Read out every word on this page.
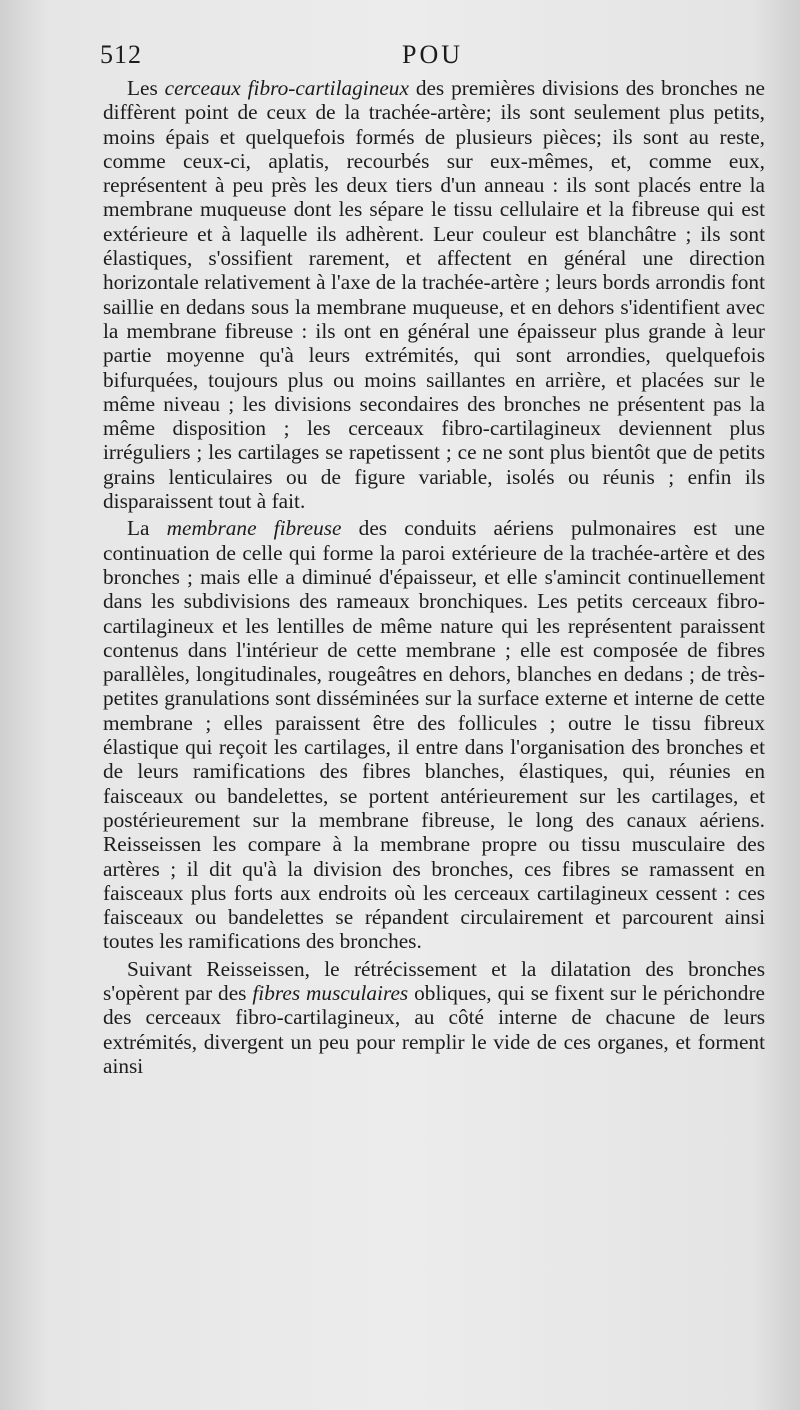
512	POU

Les cerceaux fibro-cartilagineux des premières divisions des bronches ne diffèrent point de ceux de la trachée-artère; ils sont seulement plus petits, moins épais et quelquefois formés de plusieurs pièces; ils sont au reste, comme ceux-ci, aplatis, recourbés sur eux-mêmes, et, comme eux, représentent à peu près les deux tiers d'un anneau : ils sont placés entre la membrane muqueuse dont les sépare le tissu cellulaire et la fibreuse qui est extérieure et à laquelle ils adhèrent. Leur couleur est blanchâtre ; ils sont élastiques, s'ossifient rarement, et affectent en général une direction horizontale relativement à l'axe de la trachée-artère ; leurs bords arrondis font saillie en dedans sous la membrane muqueuse, et en dehors s'identifient avec la membrane fibreuse : ils ont en général une épaisseur plus grande à leur partie moyenne qu'à leurs extrémités, qui sont arrondies, quelquefois bifurquées, toujours plus ou moins saillantes en arrière, et placées sur le même niveau ; les divisions secondaires des bronches ne présentent pas la même disposition ; les cerceaux fibro-cartilagineux deviennent plus irréguliers ; les cartilages se rapetissent ; ce ne sont plus bientôt que de petits grains lenticulaires ou de figure variable, isolés ou réunis ; enfin ils disparaissent tout à fait.

La membrane fibreuse des conduits aériens pulmonaires est une continuation de celle qui forme la paroi extérieure de la trachée-artère et des bronches ; mais elle a diminué d'épaisseur, et elle s'amincit continuellement dans les subdivisions des rameaux bronchiques. Les petits cerceaux fibro-cartilagineux et les lentilles de même nature qui les représentent paraissent contenus dans l'intérieur de cette membrane ; elle est composée de fibres parallèles, longitudinales, rougeâtres en dehors, blanches en dedans ; de très-petites granulations sont disséminées sur la surface externe et interne de cette membrane ; elles paraissent être des follicules ; outre le tissu fibreux élastique qui reçoit les cartilages, il entre dans l'organisation des bronches et de leurs ramifications des fibres blanches, élastiques, qui, réunies en faisceaux ou bandelettes, se portent antérieurement sur les cartilages, et postérieurement sur la membrane fibreuse, le long des canaux aériens. Reisseissen les compare à la membrane propre ou tissu musculaire des artères ; il dit qu'à la division des bronches, ces fibres se ramassent en faisceaux plus forts aux endroits où les cerceaux cartilagineux cessent : ces faisceaux ou bandelettes se répandent circulairement et parcourent ainsi toutes les ramifications des bronches.

Suivant Reisseissen, le rétrécissement et la dilatation des bronches s'opèrent par des fibres musculaires obliques, qui se fixent sur le périchondre des cerceaux fibro-cartilagineux, au côté interne de chacune de leurs extrémités, divergent un peu pour remplir le vide de ces organes, et forment ainsi
